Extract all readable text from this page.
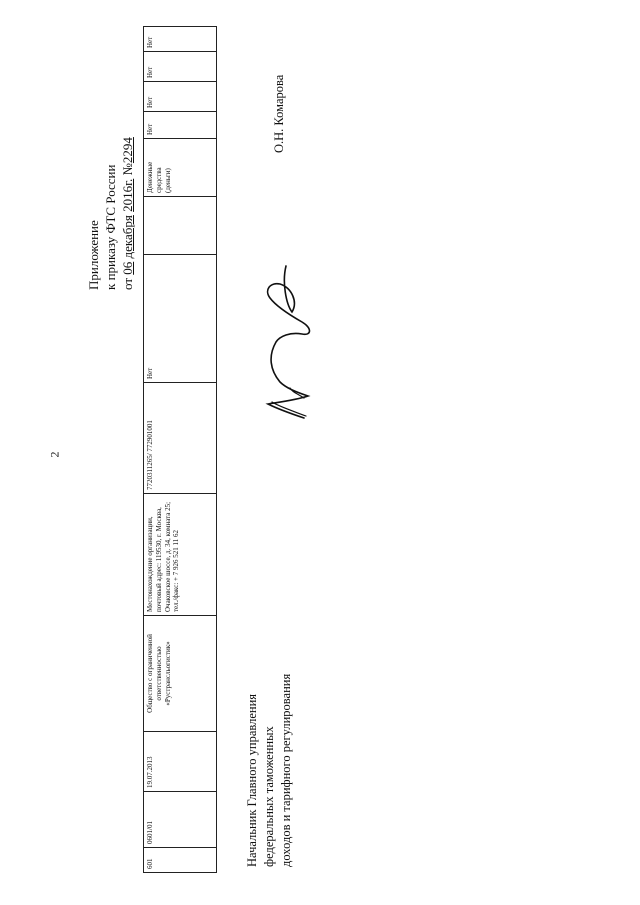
2
601	0601/01	19.07.2013	Общество с ограниченной ответственностью «Рустрансльогистик»	Местонахождение организации, почтовый адрес: 119530, г. Москва, Очаковское шоссе, д. 34, комната 25; тел./факс: + 7 926 521 11 62	7720311265/ 772901001	Нет		Денежные средства (деньги)	Нет	Нет	Нет	Нет
Приложение к приказу ФТС России от 06 декабря 2016г. №2294
Начальник Главного управления федеральных таможенных доходов и тарифного регулирования
О.Н. Комарова
